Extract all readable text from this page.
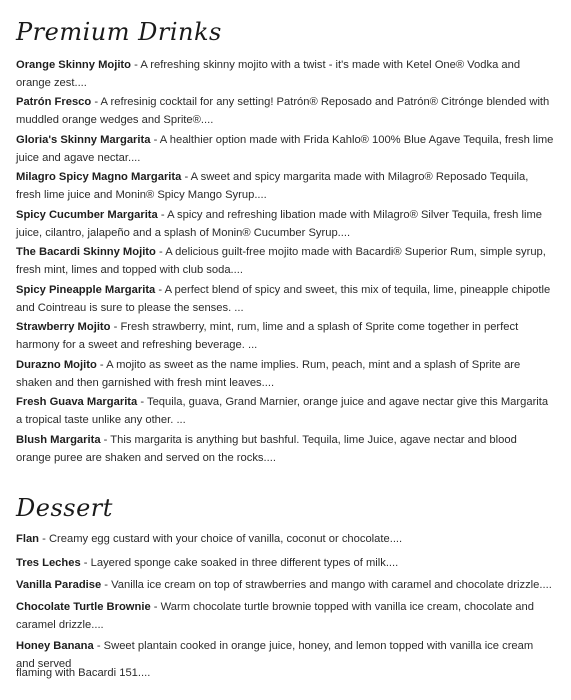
Premium Drinks

Orange Skinny Mojito - A refreshing skinny mojito with a twist - it's made with Ketel One® Vodka and orange zest....

Patrón Fresco - A refresinig cocktail for any setting! Patrón® Reposado and Patrón® Citrónge blended with muddled orange wedges and Sprite®....

Gloria's Skinny Margarita - A healthier option made with Frida Kahlo® 100% Blue Agave Tequila, fresh lime juice and agave nectar....

Milagro Spicy Magno Margarita - A sweet and spicy margarita made with Milagro® Reposado Tequila, fresh lime juice and Monin® Spicy Mango Syrup....

Spicy Cucumber Margarita - A spicy and refreshing libation made with Milagro® Silver Tequila, fresh lime juice, cilantro, jalapeño and a splash of Monin® Cucumber Syrup....

The Bacardi Skinny Mojito - A delicious guilt-free mojito made with Bacardi® Superior Rum, simple syrup, fresh mint, limes and topped with club soda....

Spicy Pineapple Margarita - A perfect blend of spicy and sweet, this mix of tequila, lime, pineapple chipotle and Cointreau is sure to please the senses. ...

Strawberry Mojito - Fresh strawberry, mint, rum, lime and a splash of Sprite come together in perfect harmony for a sweet and refreshing beverage. ...

Durazno Mojito - A mojito as sweet as the name implies. Rum, peach, mint and a splash of Sprite are shaken and then garnished with fresh mint leaves....

Fresh Guava Margarita - Tequila, guava, Grand Marnier, orange juice and agave nectar give this Margarita a tropical taste unlike any other. ...

Blush Margarita - This margarita is anything but bashful. Tequila, lime Juice, agave nectar and blood orange puree are shaken and served on the rocks....

Dessert

Flan - Creamy egg custard with your choice of vanilla, coconut or chocolate....

Tres Leches - Layered sponge cake soaked in three different types of milk....

Vanilla Paradise - Vanilla ice cream on top of strawberries and mango with caramel and chocolate drizzle....

Chocolate Turtle Brownie - Warm chocolate turtle brownie topped with vanilla ice cream, chocolate and caramel drizzle....

Honey Banana - Sweet plantain cooked in orange juice, honey, and lemon topped with vanilla ice cream and served

flaming with Bacardi 151....
